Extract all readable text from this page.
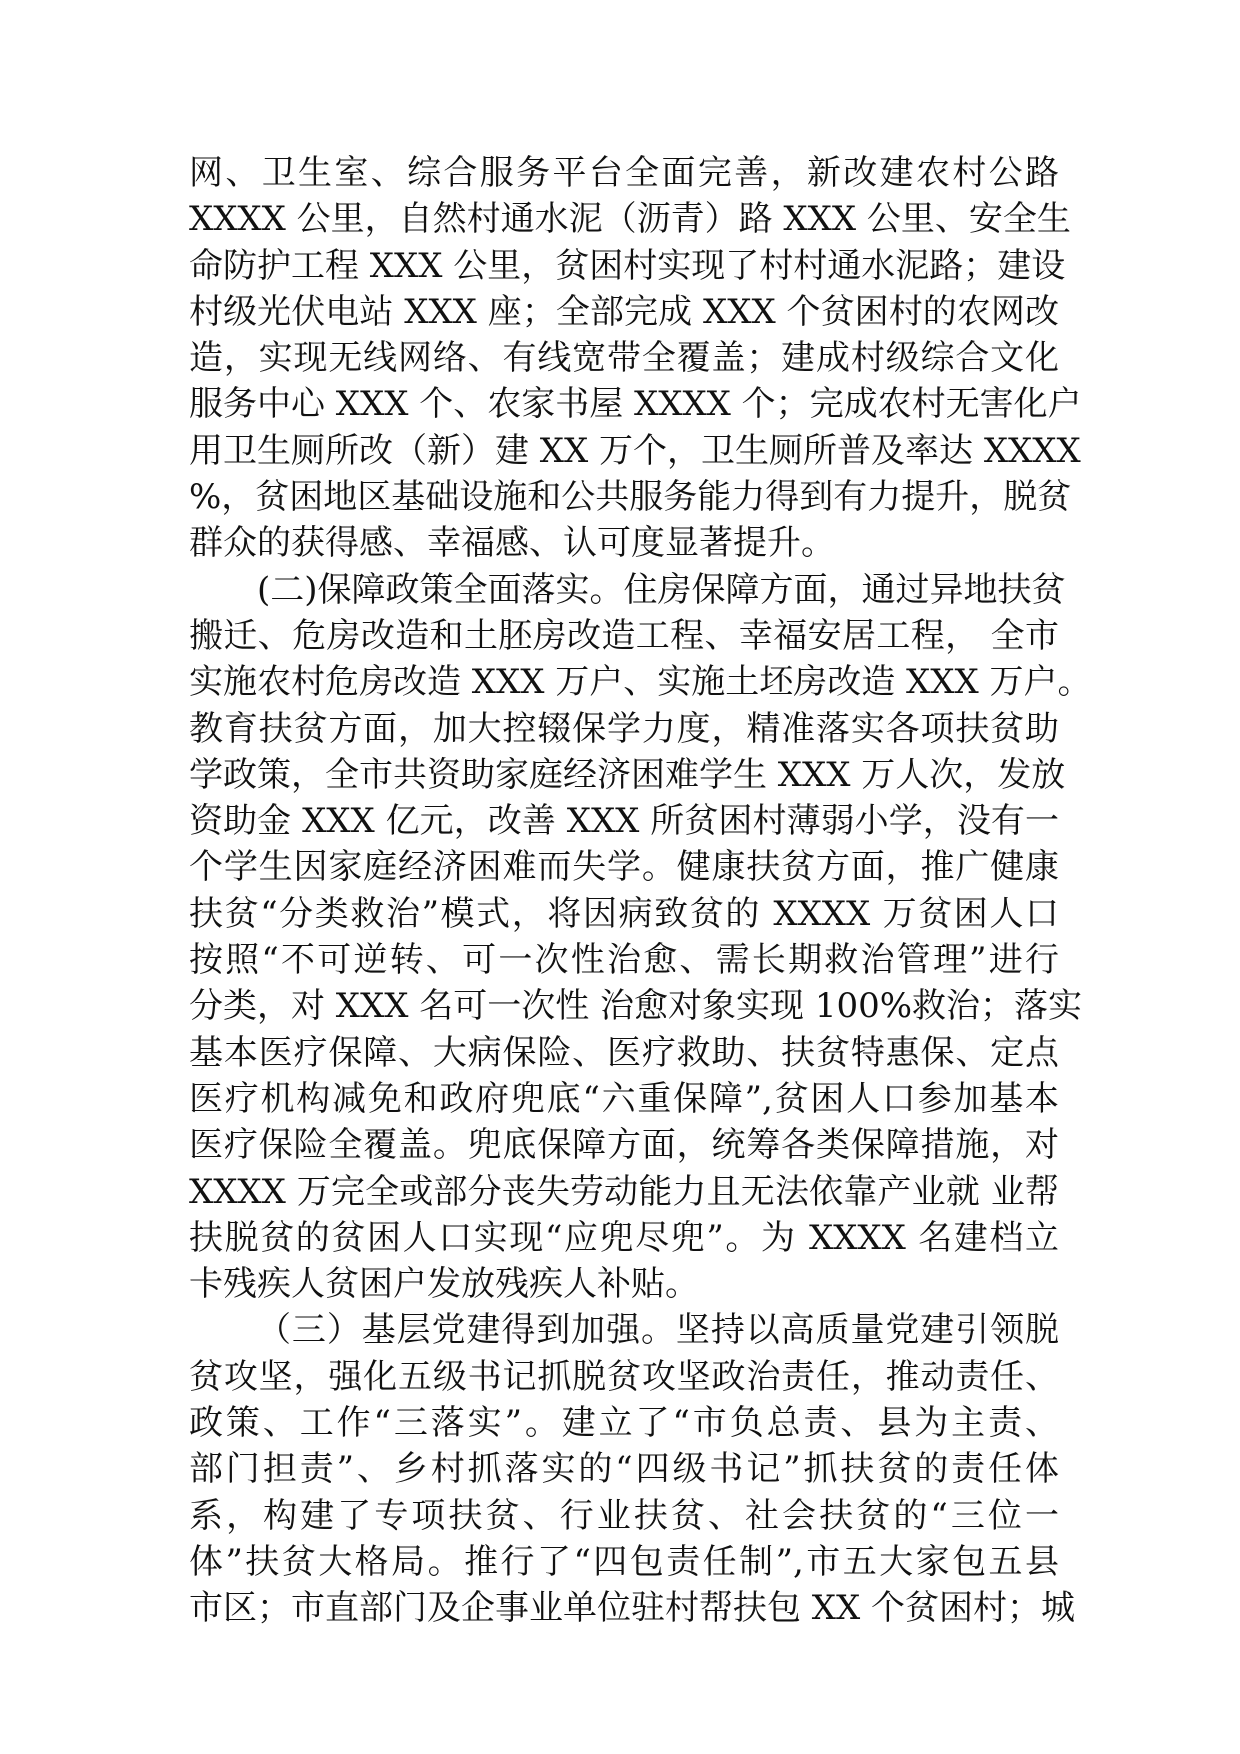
网、卫生室、综合服务平台全面完善，新改建农村公路
XXXX 公里，自然村通水泥（沥青）路 XXX 公里、安全生
命防护工程 XXX 公里，贫困村实现了村村通水泥路；建设
村级光伏电站 XXX 座；全部完成 XXX 个贫困村的农网改
造，实现无线网络、有线宽带全覆盖；建成村级综合文化
服务中心 XXX 个、农家书屋 XXXX 个；完成农村无害化户
用卫生厕所改（新）建 XX 万个，卫生厕所普及率达 XXXX
%，贫困地区基础设施和公共服务能力得到有力提升，脱贫
群众的获得感、幸福感、认可度显著提升。
(二)保障政策全面落实。住房保障方面，通过异地扶贫
搬迁、危房改造和土胚房改造工程、幸福安居工程， 全市
实施农村危房改造 XXX 万户、实施土坯房改造 XXX 万户。
教育扶贫方面，加大控辍保学力度，精准落实各项扶贫助
学政策，全市共资助家庭经济困难学生 XXX 万人次，发放
资助金 XXX 亿元，改善 XXX 所贫困村薄弱小学，没有一
个学生因家庭经济困难而失学。健康扶贫方面，推广健康
扶贫“分类救治”模式，将因病致贫的 XXXX 万贫困人口
按照“不可逆转、可一次性治愈、需长期救治管理”进行
分类，对 XXX 名可一次性 治愈对象实现 100%救治；落实
基本医疗保障、大病保险、医疗救助、扶贫特惠保、定点
医疗机构减免和政府兜底“六重保障”,贫困人口参加基本
医疗保险全覆盖。兜底保障方面，统筹各类保障措施，对
XXXX 万完全或部分丧失劳动能力且无法依靠产业就 业帮
扶脱贫的贫困人口实现“应兜尽兜”。为 XXXX 名建档立
卡残疾人贫困户发放残疾人补贴。
（三）基层党建得到加强。坚持以高质量党建引领脱
贫攻坚，强化五级书记抓脱贫攻坚政治责任，推动责任、
政策、工作“三落实”。建立了“市负总责、县为主责、
部门担责”、乡村抓落实的“四级书记”抓扶贫的责任体
系，构建了专项扶贫、行业扶贫、社会扶贫的“三位一
体”扶贫大格局。推行了“四包责任制”,市五大家包五县
市区；市直部门及企事业单位驻村帮扶包 XX 个贫困村；城
